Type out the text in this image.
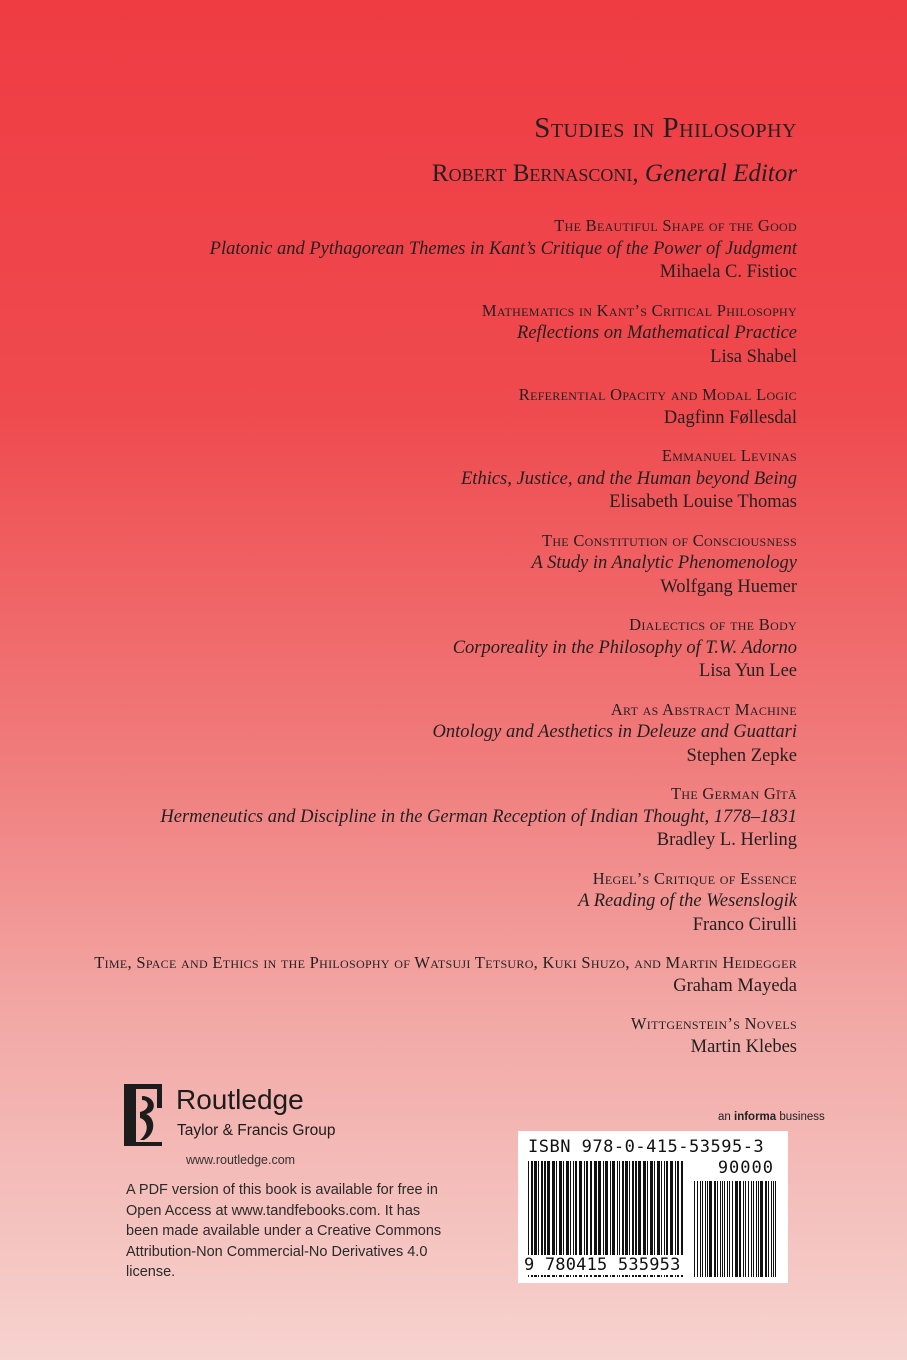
Studies in Philosophy
Robert Bernasconi, General Editor
The Beautiful Shape of the Good
Platonic and Pythagorean Themes in Kant’s Critique of the Power of Judgment
Mihaela C. Fistioc
Mathematics in Kant’s Critical Philosophy
Reflections on Mathematical Practice
Lisa Shabel
Referential Opacity and Modal Logic
Dagfinn Føllesdal
Emmanuel Levinas
Ethics, Justice, and the Human beyond Being
Elisabeth Louise Thomas
The Constitution of Consciousness
A Study in Analytic Phenomenology
Wolfgang Huemer
Dialectics of the Body
Corporeality in the Philosophy of T.W. Adorno
Lisa Yun Lee
Art as Abstract Machine
Ontology and Aesthetics in Deleuze and Guattari
Stephen Zepke
The German Gītā
Hermeneutics and Discipline in the German Reception of Indian Thought, 1778–1831
Bradley L. Herling
Hegel’s Critique of Essence
A Reading of the Wesenslogik
Franco Cirulli
Time, Space and Ethics in the Philosophy of Watsuji Tetsuro, Kuki Shuzo, and Martin Heidegger
Graham Mayeda
Wittgenstein’s Novels
Martin Klebes
Routledge
Taylor & Francis Group
www.routledge.com
A PDF version of this book is available for free in Open Access at www.tandfebooks.com. It has been made available under a Creative Commons Attribution-Non Commercial-No Derivatives 4.0 license.
an informa business
ISBN 978-0-415-53595-3
90000
9 780415 535953
